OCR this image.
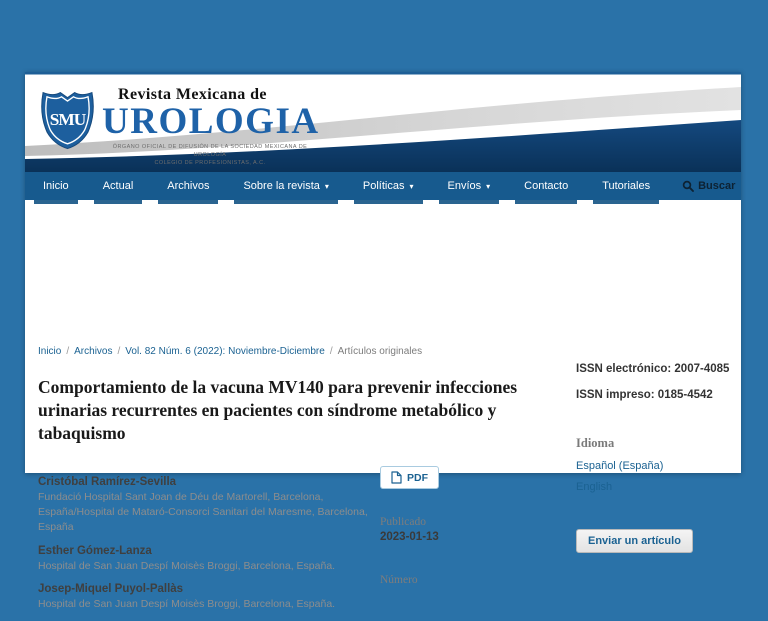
SMU
Revista Mexicana de
UROLOGIA
ÓRGANO OFICIAL DE DIFUSIÓN DE LA SOCIEDAD MEXICANA DE UROLOGÍA
COLEGIO DE PROFESIONISTAS, A.C.
Inicio	Actual	Archivos	Sobre la revista ▾	Políticas ▾	Envíos ▾	Contacto	Tutoriales	Buscar
Inicio / Archivos / Vol. 82 Núm. 6 (2022): Noviembre-Diciembre / Artículos originales
Comportamiento de la vacuna MV140 para prevenir infecciones urinarias recurrentes en pacientes con síndrome metabólico y tabaquismo
Cristóbal Ramírez-Sevilla
Fundació Hospital Sant Joan de Déu de Martorell, Barcelona, España/Hospital de Mataró-Consorci Sanitari del Maresme, Barcelona, España
Esther Gómez-Lanza
Hospital de San Juan Despí Moisès Broggi, Barcelona, España.
Josep-Miquel Puyol-Pallàs
Hospital de San Juan Despí Moisès Broggi, Barcelona, España.
PDF
Publicado
2023-01-13
Número
ISSN electrónico: 2007-4085
ISSN impreso: 0185-4542
Idioma
Español (España)
English
Enviar un artículo
